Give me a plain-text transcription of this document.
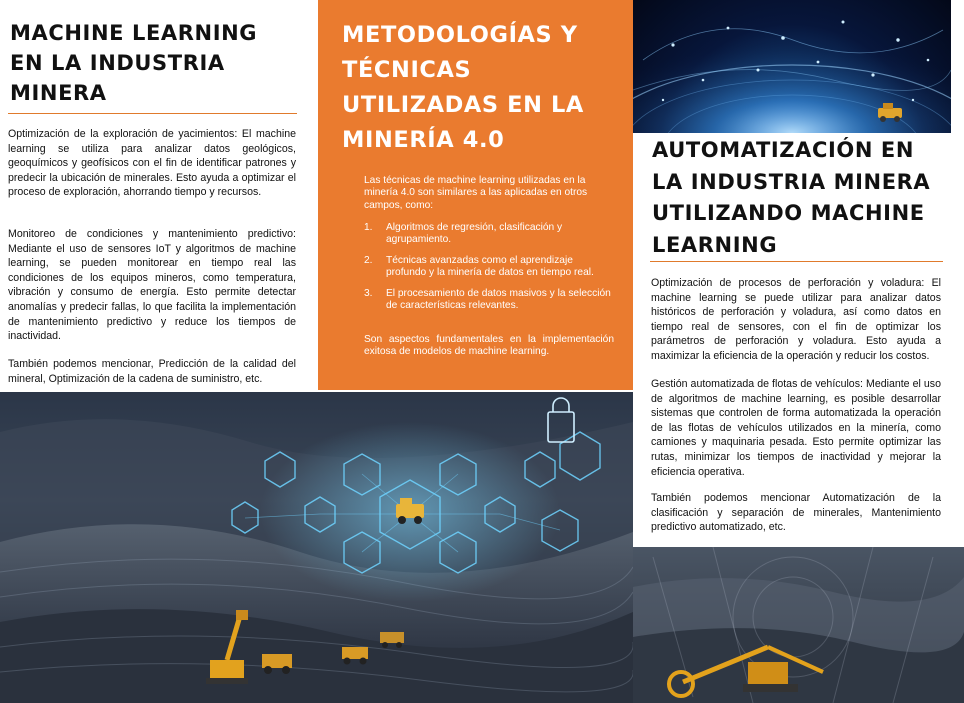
MACHINE LEARNING
EN LA INDUSTRIA
MINERA

Optimización de la exploración de yacimientos: El machine learning se utiliza para analizar datos geológicos, geoquímicos y geofísicos con el fin de identificar patrones y predecir la ubicación de minerales. Esto ayuda a optimizar el proceso de exploración, ahorrando tiempo y recursos.

Monitoreo de condiciones y mantenimiento predictivo: Mediante el uso de sensores IoT y algoritmos de machine learning, se pueden monitorear en tiempo real las condiciones de los equipos mineros, como temperatura, vibración y consumo de energía. Esto permite detectar anomalías y predecir fallas, lo que facilita la implementación de mantenimiento predictivo y reduce los tiempos de inactividad.

También podemos mencionar, Predicción de la calidad del mineral, Optimización de la cadena de suministro, etc.

METODOLOGÍAS Y
TÉCNICAS
UTILIZADAS EN LA
MINERÍA 4.0

Las técnicas de machine learning utilizadas en la minería 4.0 son similares a las aplicadas en otros campos, como:

1. Algoritmos de regresión, clasificación y agrupamiento.
2. Técnicas avanzadas como el aprendizaje profundo y la minería de datos en tiempo real.
3. El procesamiento de datos masivos y la selección de características relevantes.

Son aspectos fundamentales en la implementación exitosa de modelos de machine learning.

AUTOMATIZACIÓN EN
LA INDUSTRIA MINERA
UTILIZANDO MACHINE
LEARNING

Optimización de procesos de perforación y voladura: El machine learning se puede utilizar para analizar datos históricos de perforación y voladura, así como datos en tiempo real de sensores, con el fin de optimizar los parámetros de perforación y voladura. Esto ayuda a maximizar la eficiencia de la operación y reducir los costos.

Gestión automatizada de flotas de vehículos: Mediante el uso de algoritmos de machine learning, es posible desarrollar sistemas que controlen de forma automatizada la operación de las flotas de vehículos utilizados en la minería, como camiones y maquinaria pesada. Esto permite optimizar las rutas, minimizar los tiempos de inactividad y mejorar la eficiencia operativa.

También podemos mencionar Automatización de la clasificación y separación de minerales, Mantenimiento predictivo automatizado, etc.
